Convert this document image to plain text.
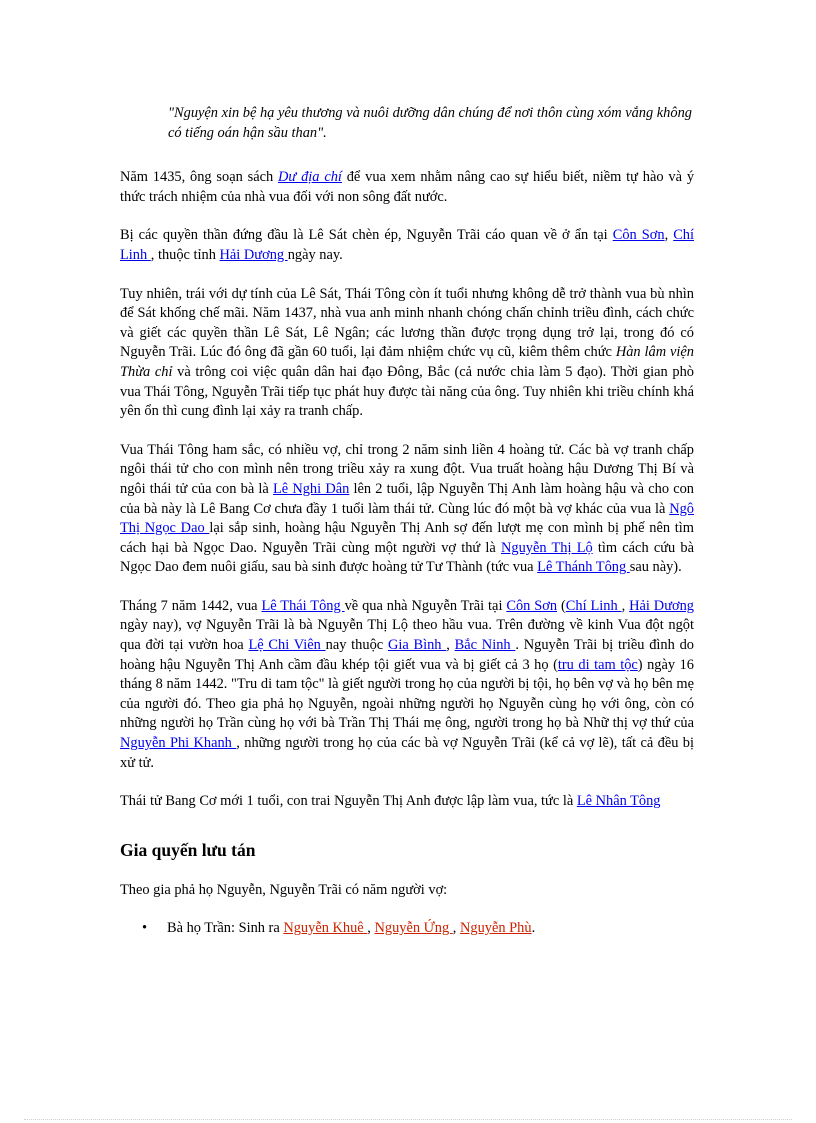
"Nguyện xin bệ hạ yêu thương và nuôi dưỡng dân chúng để nơi thôn cùng xóm vắng không có tiếng oán hận sầu than".

Năm 1435, ông soạn sách Dư địa chí để vua xem nhằm nâng cao sự hiểu biết, niềm tự hào và ý thức trách nhiệm của nhà vua đối với non sông đất nước.

Bị các quyền thần đứng đầu là Lê Sát chèn ép, Nguyễn Trãi cáo quan về ở ẩn tại Côn Sơn, Chí Linh , thuộc tỉnh Hải Dương ngày nay.

Tuy nhiên, trái với dự tính của Lê Sát, Thái Tông còn ít tuổi nhưng không dễ trở thành vua bù nhìn để Sát khống chế mãi. Năm 1437, nhà vua anh minh nhanh chóng chấn chỉnh triều đình, cách chức và giết các quyền thần Lê Sát, Lê Ngân; các lương thần được trọng dụng trở lại, trong đó có Nguyễn Trãi. Lúc đó ông đã gần 60 tuổi, lại đảm nhiệm chức vụ cũ, kiêm thêm chức Hàn lâm viện Thừa chỉ và trông coi việc quân dân hai đạo Đông, Bắc (cả nước chia làm 5 đạo). Thời gian phò vua Thái Tông, Nguyễn Trãi tiếp tục phát huy được tài năng của ông. Tuy nhiên khi triều chính khá yên ổn thì cung đình lại xảy ra tranh chấp.

Vua Thái Tông ham sắc, có nhiều vợ, chỉ trong 2 năm sinh liền 4 hoàng tử. Các bà vợ tranh chấp ngôi thái tử cho con mình nên trong triều xảy ra xung đột. Vua truất hoàng hậu Dương Thị Bí và ngôi thái tử của con bà là Lê Nghi Dân lên 2 tuổi, lập Nguyễn Thị Anh làm hoàng hậu và cho con của bà này là Lê Bang Cơ chưa đầy 1 tuổi làm thái tử. Cùng lúc đó một bà vợ khác của vua là Ngô Thị Ngọc Dao lại sắp sinh, hoàng hậu Nguyễn Thị Anh sợ đến lượt mẹ con mình bị phế nên tìm cách hại bà Ngọc Dao. Nguyễn Trãi cùng một người vợ thứ là Nguyễn Thị Lộ tìm cách cứu bà Ngọc Dao đem nuôi giấu, sau bà sinh được hoàng tử Tư Thành (tức vua Lê Thánh Tông sau này).

Tháng 7 năm 1442, vua Lê Thái Tông về qua nhà Nguyễn Trãi tại Côn Sơn (Chí Linh , Hải Dương ngày nay), vợ Nguyễn Trãi là bà Nguyễn Thị Lộ theo hầu vua. Trên đường về kinh Vua đột ngột qua đời tại vườn hoa Lệ Chi Viên nay thuộc Gia Bình , Bắc Ninh . Nguyễn Trãi bị triều đình do hoàng hậu Nguyễn Thị Anh cầm đầu khép tội giết vua và bị giết cả 3 họ (tru di tam tộc) ngày 16 tháng 8 năm 1442. "Tru di tam tộc" là giết người trong họ của người bị tội, họ bên vợ và họ bên mẹ của người đó. Theo gia phả họ Nguyễn, ngoài những người họ Nguyễn cùng họ với ông, còn có những người họ Trần cùng họ với bà Trần Thị Thái mẹ ông, người trong họ bà Nhữ thị vợ thứ của Nguyễn Phi Khanh , những người trong họ của các bà vợ Nguyễn Trãi (kể cả vợ lẽ), tất cả đều bị xử tử.

Thái tử Bang Cơ mới 1 tuổi, con trai Nguyễn Thị Anh được lập làm vua, tức là Lê Nhân Tông

Gia quyến lưu tán

Theo gia phả họ Nguyễn, Nguyễn Trãi có năm người vợ:

• Bà họ Trần: Sinh ra Nguyễn Khuê , Nguyễn Ứng , Nguyễn Phù.
